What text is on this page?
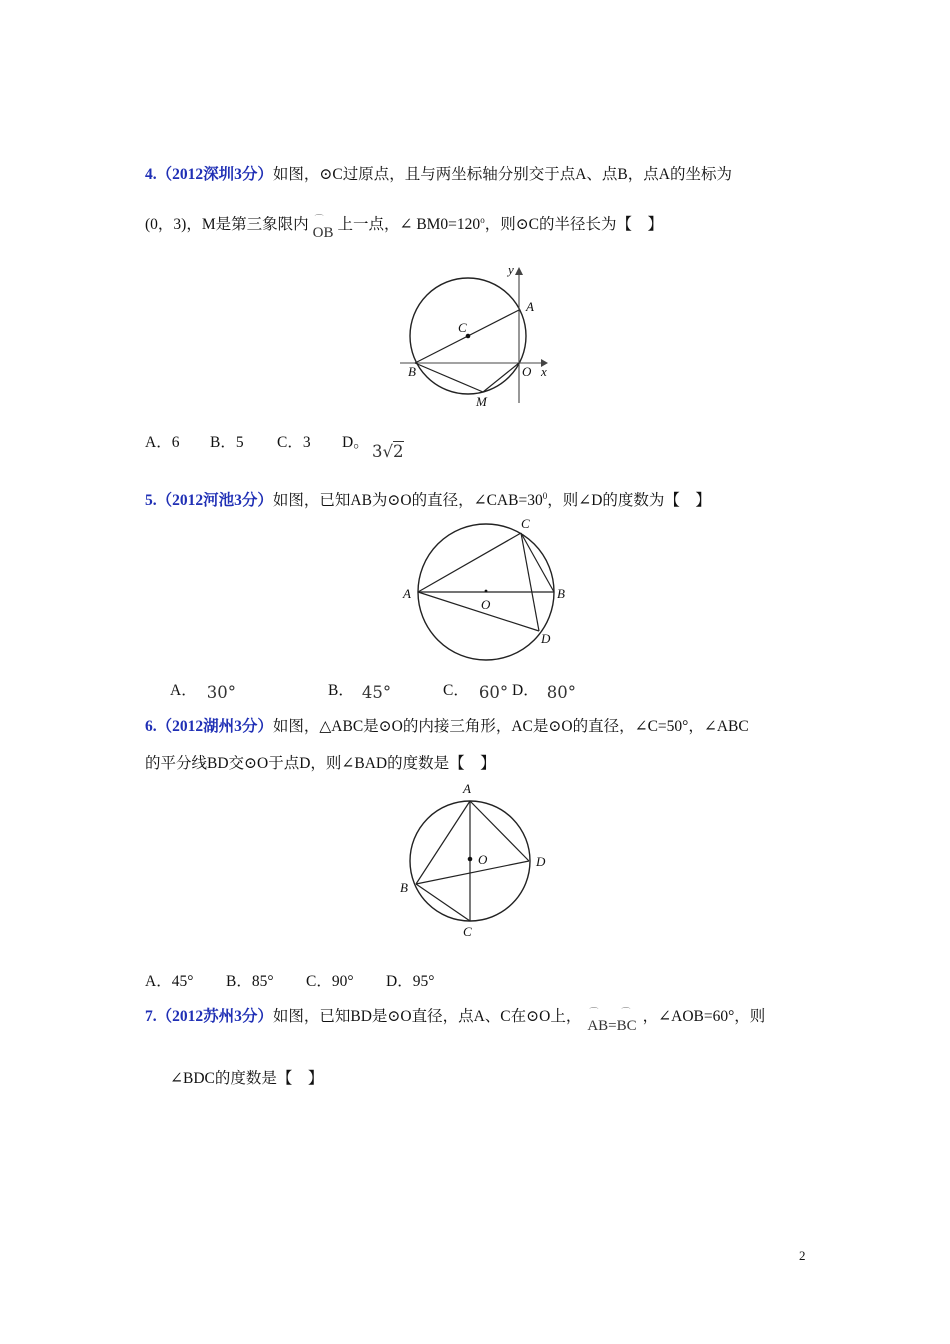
4.（2012深圳3分）如图，⊙C过原点，且与两坐标轴分别交于点A、点B，点A的坐标为
(0，3)，M是第三象限内 ⌒
OB 上一点，∠ $BM0=120^o$，则⊙C的半径长为【　】
y
A
C
B	O x
M
A．6 B．5 C．3 D。 3√2
5.（2012河池3分）如图，已知AB为⊙O的直径，$\angle CAB=30^0$，则∠D的度数为【　】
A
O
C
B
D
A． 30°	B． 45°	C． 60° D． 80°
6.（2012湖州3分）如图，△ABC是⊙O的内接三角形，AC是⊙O的直径，∠C=50°，∠ABC
的平分线BD交⊙O于点D，则∠BAD的度数是【　】
A
O	D
B
C
A．45° B．85° C．90° D．95°
7.（2012苏州3分）如图，已知BD是⊙O直径，点A、C在⊙O上， ⌒	⌒
AB=BC，∠AOB=60°，则
∠BDC的度数是【　】
2
